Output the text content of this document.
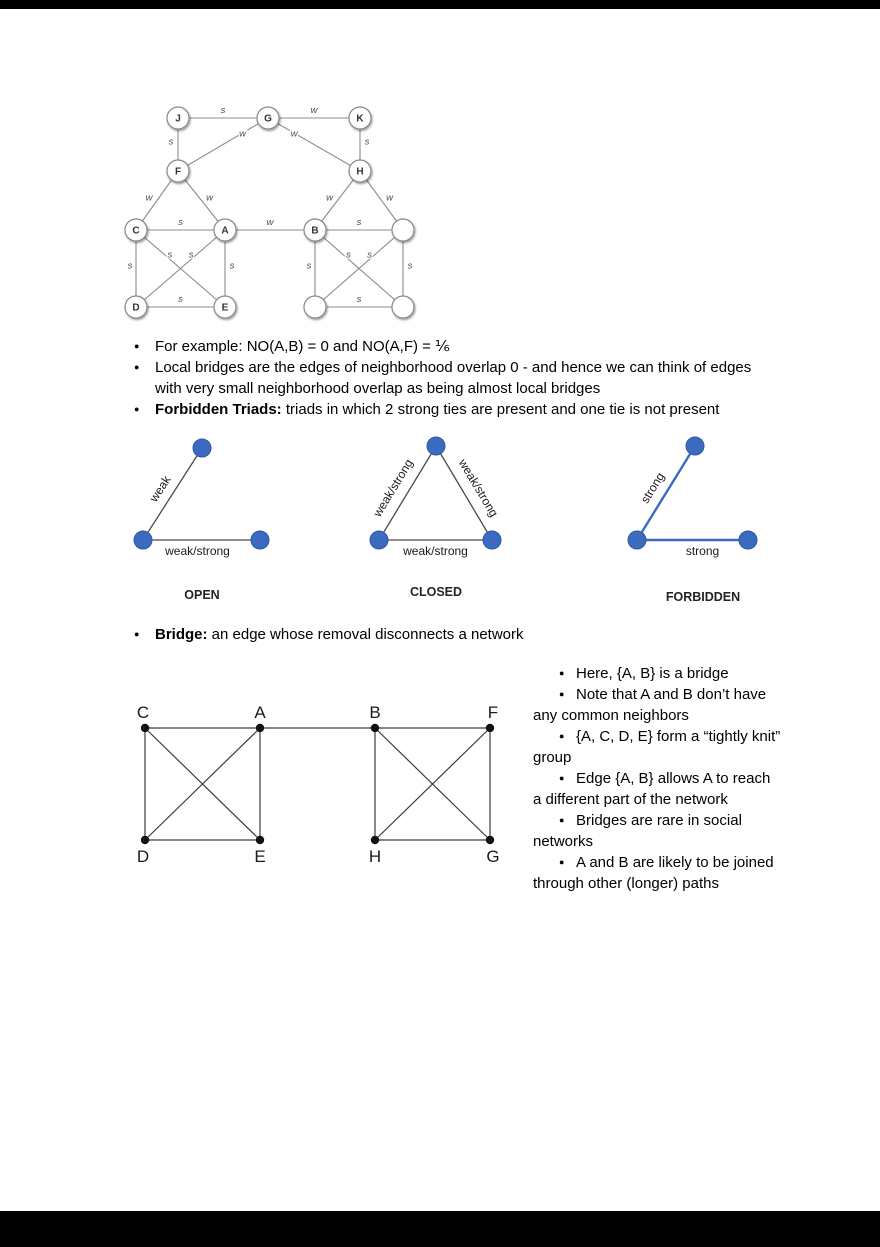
s	w
s	s
w	w
w	w	w	w
s	w	s
s	s
s s
s
s	s
s s
s
J	G	K
F	H
C	A	B
D	E
● For example: NO(A,B) = 0 and NO(A,F) = ⅙
● Local bridges are the edges of neighborhood overlap 0 - and hence we can think of edges with very small neighborhood overlap as being almost local bridges
● Forbidden Triads: triads in which 2 strong ties are present and one tie is not present
weak
weak/strong
OPEN
weak/strong	weak/strong
weak/strong
CLOSED
strong
strong
FORBIDDEN
● Bridge: an edge whose removal disconnects a network
C	A	B	F
D	E	H	G
● Here, {A, B} is a bridge
● Note that A and B don’t have any common neighbors
● {A, C, D, E} form a “tightly knit” group
● Edge {A, B} allows A to reach a different part of the network
● Bridges are rare in social networks
● A and B are likely to be joined through other (longer) paths
